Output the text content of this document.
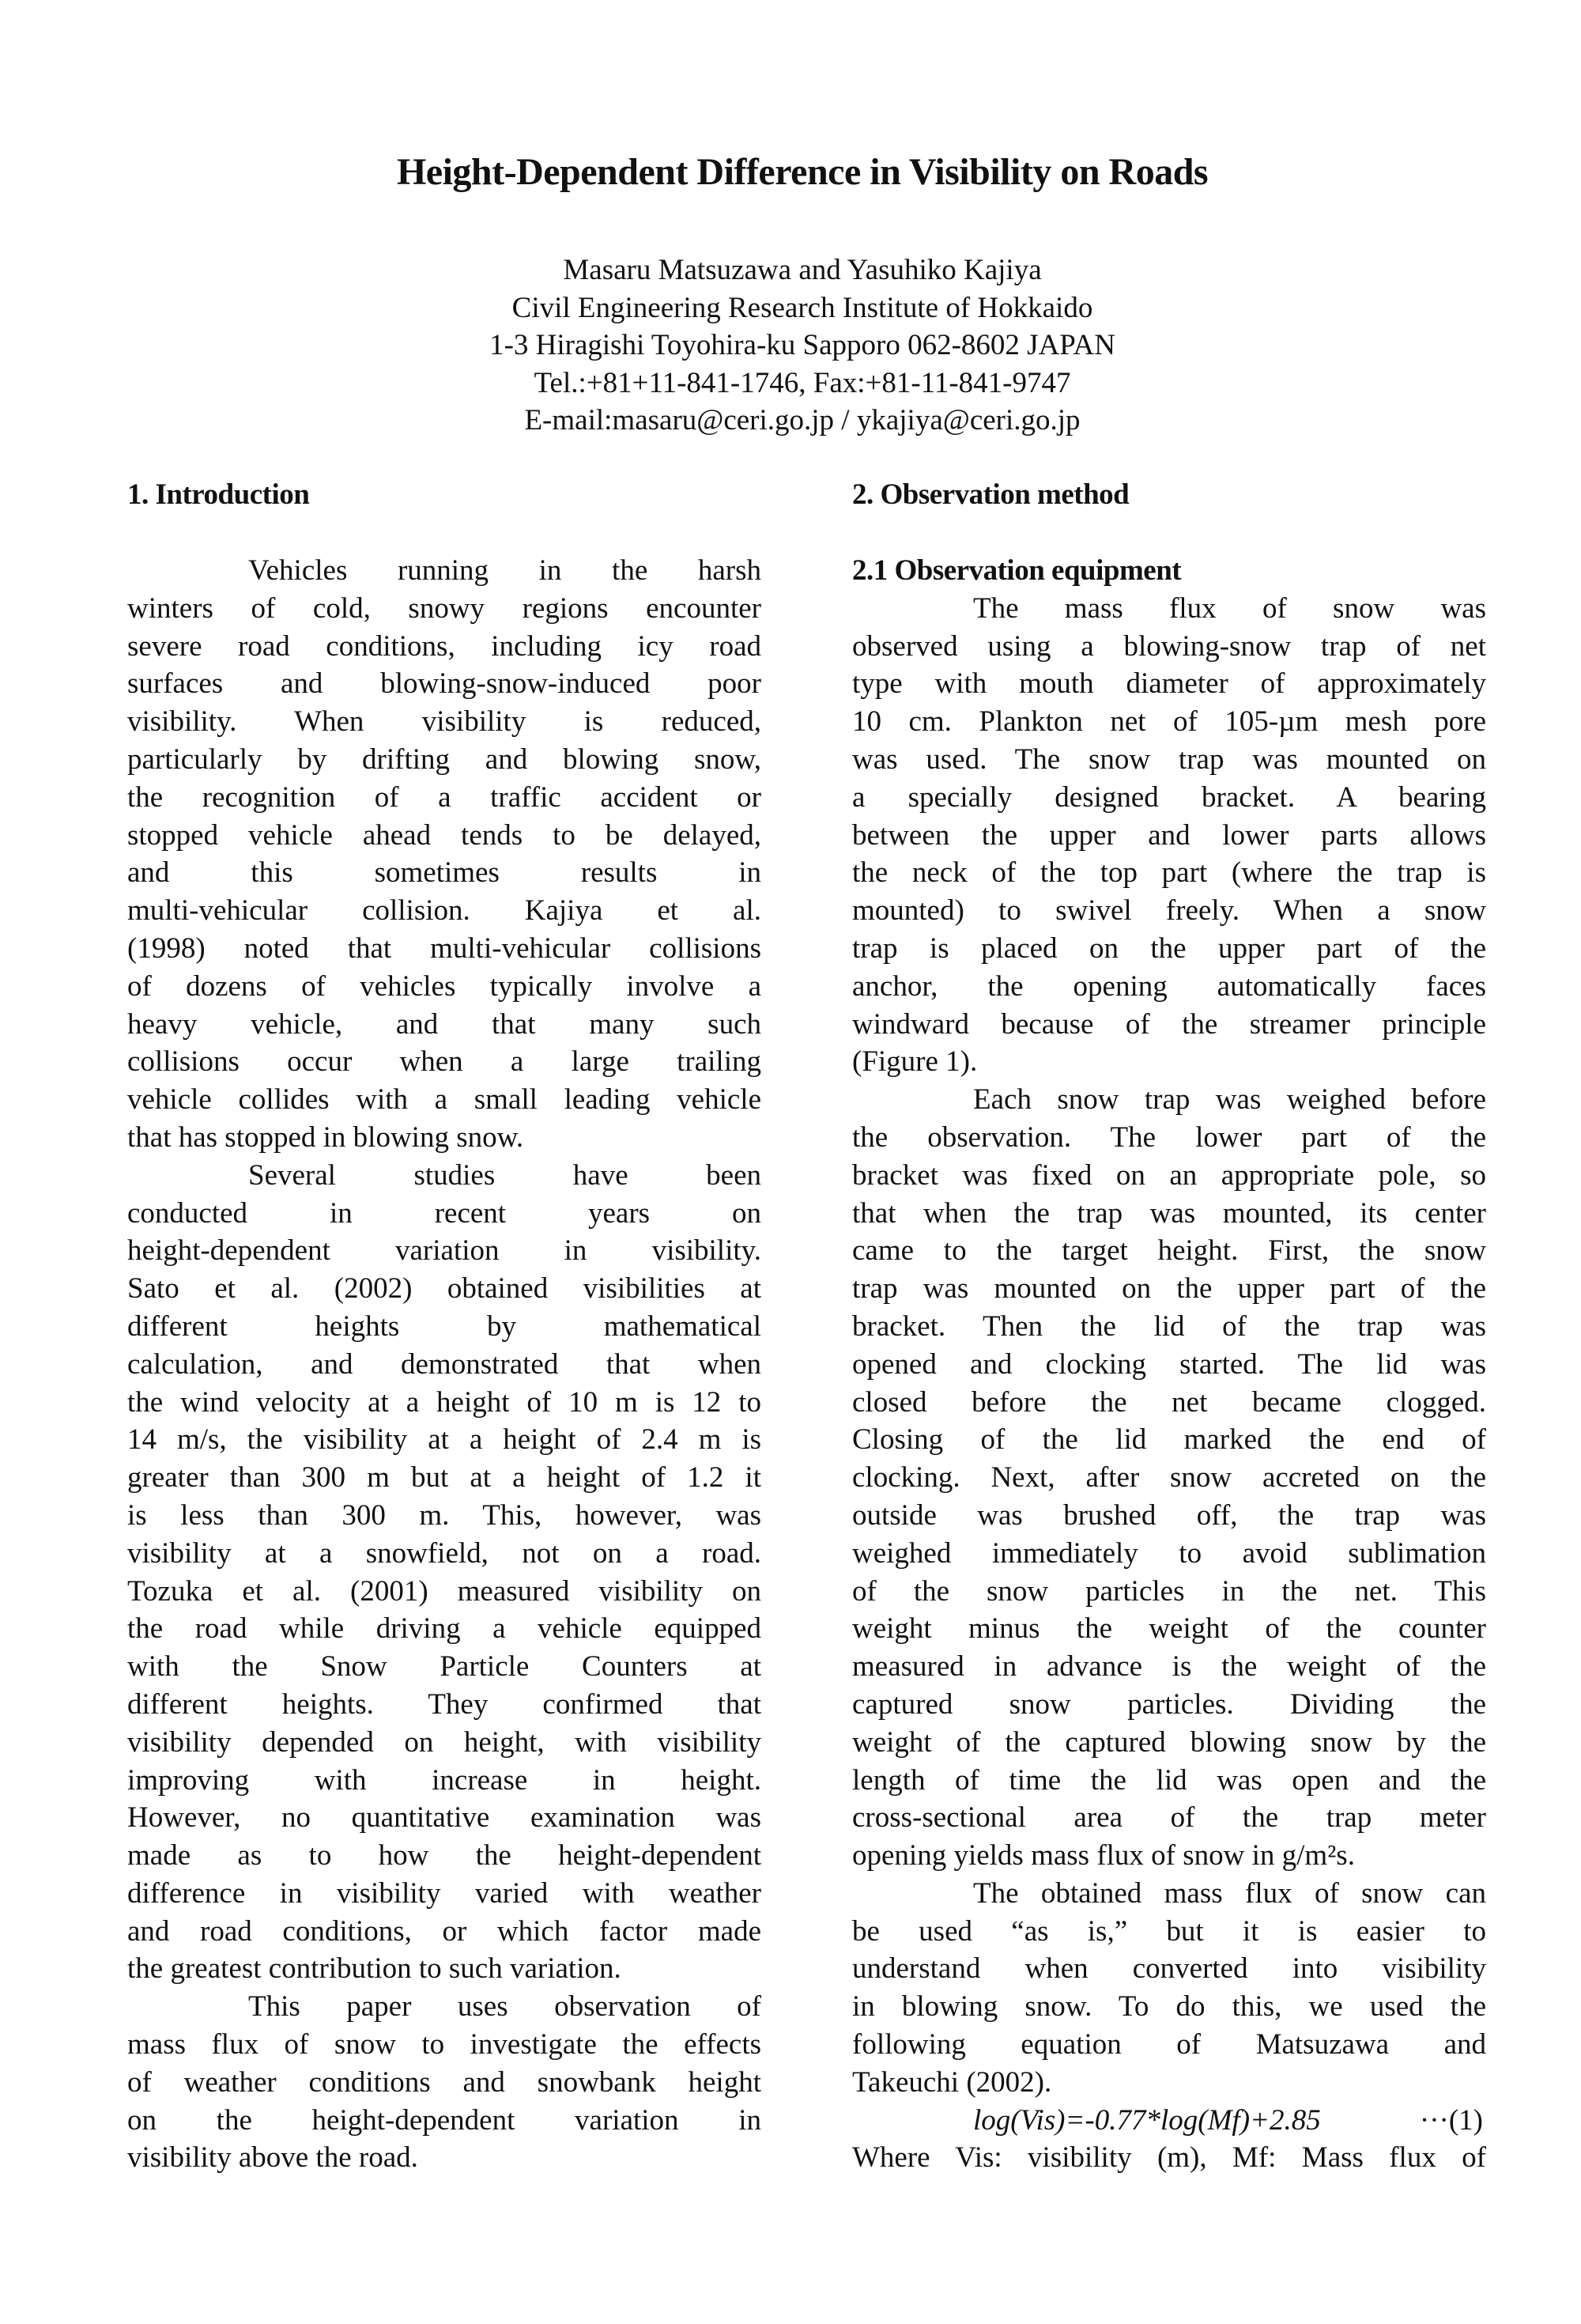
Height-Dependent Difference in Visibility on Roads
Masaru Matsuzawa and Yasuhiko Kajiya
Civil Engineering Research Institute of Hokkaido
1-3 Hiragishi Toyohira-ku Sapporo 062-8602 JAPAN
Tel.:+81+11-841-1746, Fax:+81-11-841-9747
E-mail:masaru@ceri.go.jp / ykajiya@ceri.go.jp
1. Introduction	2. Observation method
Vehicles running in the harsh
winters of cold, snowy regions encounter
severe road conditions, including icy road
surfaces and blowing-snow-induced poor
visibility. When visibility is reduced,
particularly by drifting and blowing snow,
the recognition of a traffic accident or
stopped vehicle ahead tends to be delayed,
and this sometimes results in
multi-vehicular collision. Kajiya et al.
(1998) noted that multi-vehicular collisions
of dozens of vehicles typically involve a
heavy vehicle, and that many such
collisions occur when a large trailing
vehicle collides with a small leading vehicle
that has stopped in blowing snow.
Several studies have been
conducted in recent years on
height-dependent variation in visibility.
Sato et al. (2002) obtained visibilities at
different heights by mathematical
calculation, and demonstrated that when
the wind velocity at a height of 10 m is 12 to
14 m/s, the visibility at a height of 2.4 m is
greater than 300 m but at a height of 1.2 it
is less than 300 m. This, however, was
visibility at a snowfield, not on a road.
Tozuka et al. (2001) measured visibility on
the road while driving a vehicle equipped
with the Snow Particle Counters at
different heights. They confirmed that
visibility depended on height, with visibility
improving with increase in height.
However, no quantitative examination was
made as to how the height-dependent
difference in visibility varied with weather
and road conditions, or which factor made
the greatest contribution to such variation.
This paper uses observation of
mass flux of snow to investigate the effects
of weather conditions and snowbank height
on the height-dependent variation in
visibility above the road.
2.1 Observation equipment
The mass flux of snow was
observed using a blowing-snow trap of net
type with mouth diameter of approximately
10 cm. Plankton net of 105-µm mesh pore
was used. The snow trap was mounted on
a specially designed bracket. A bearing
between the upper and lower parts allows
the neck of the top part (where the trap is
mounted) to swivel freely. When a snow
trap is placed on the upper part of the
anchor, the opening automatically faces
windward because of the streamer principle
(Figure 1).
Each snow trap was weighed before
the observation. The lower part of the
bracket was fixed on an appropriate pole, so
that when the trap was mounted, its center
came to the target height. First, the snow
trap was mounted on the upper part of the
bracket. Then the lid of the trap was
opened and clocking started. The lid was
closed before the net became clogged.
Closing of the lid marked the end of
clocking. Next, after snow accreted on the
outside was brushed off, the trap was
weighed immediately to avoid sublimation
of the snow particles in the net. This
weight minus the weight of the counter
measured in advance is the weight of the
captured snow particles. Dividing the
weight of the captured blowing snow by the
length of time the lid was open and the
cross-sectional area of the trap meter
opening yields mass flux of snow in g/m²s.
The obtained mass flux of snow can
be used “as is,” but it is easier to
understand when converted into visibility
in blowing snow. To do this, we used the
following equation of Matsuzawa and
Takeuchi (2002).
log(Vis)=-0.77*log(Mf)+2.85	···(1)
Where Vis: visibility (m), Mf: Mass flux of
